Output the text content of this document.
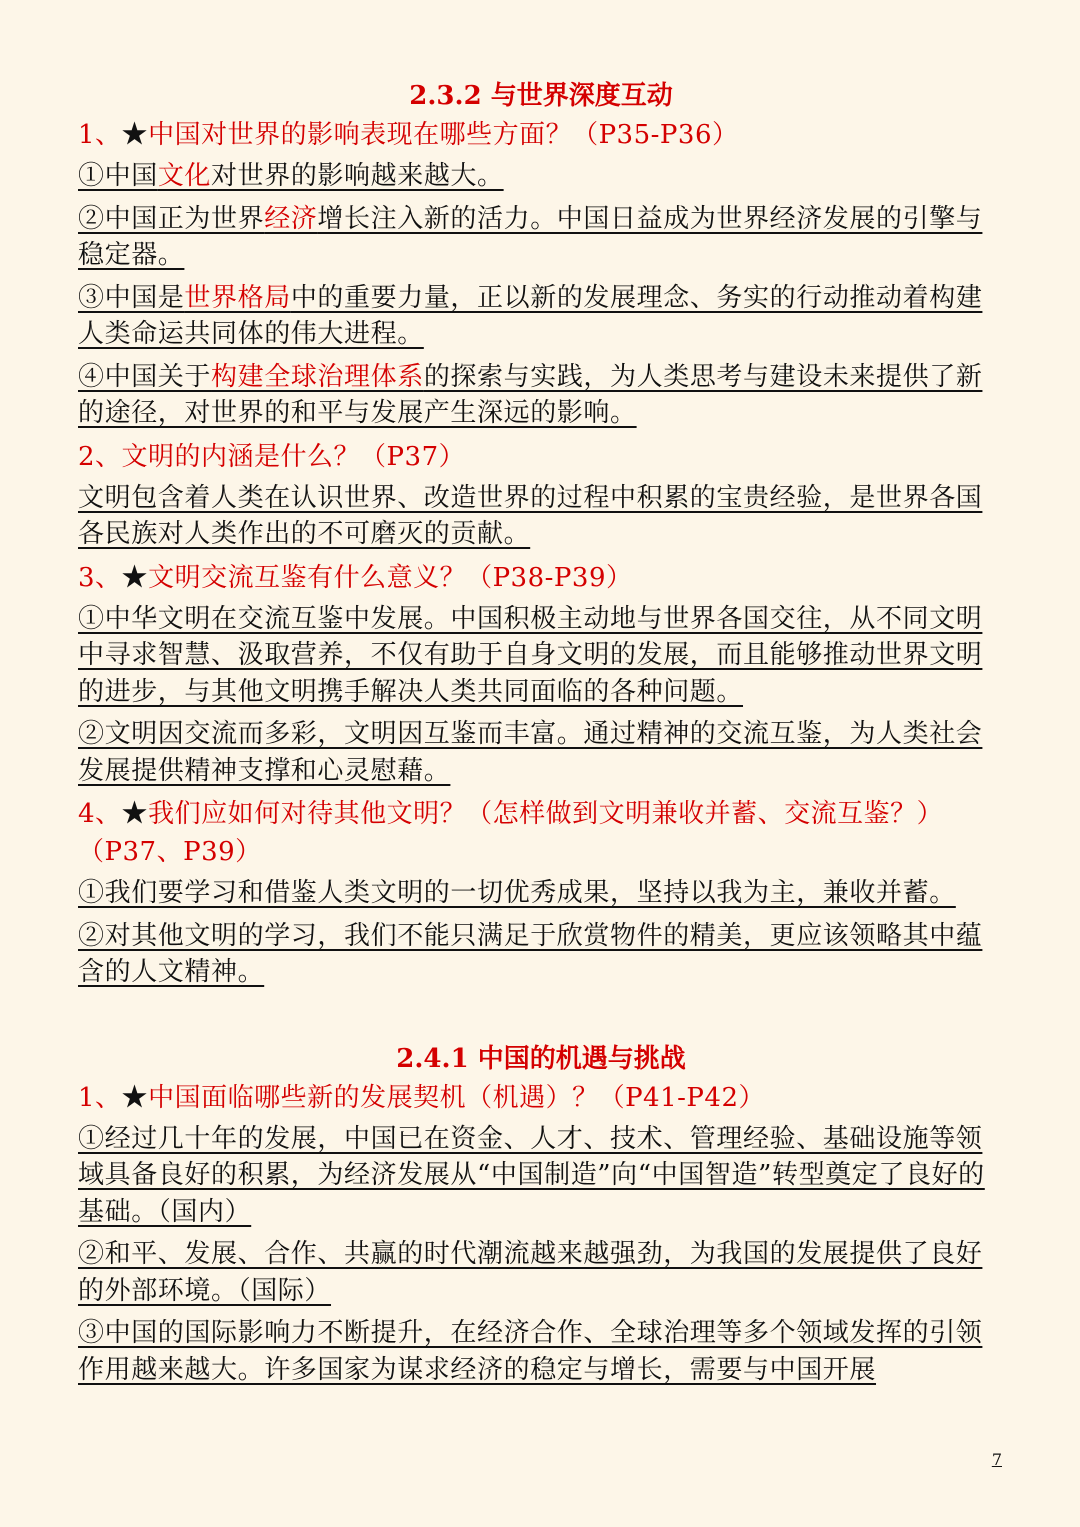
2.3.2 与世界深度互动

1、★中国对世界的影响表现在哪些方面？（P35-P36）

①中国文化对世界的影响越来越大。

②中国正为世界经济增长注入新的活力。中国日益成为世界经济发展的引擎与稳定器。

③中国是世界格局中的重要力量，正以新的发展理念、务实的行动推动着构建人类命运共同体的伟大进程。

④中国关于构建全球治理体系的探索与实践，为人类思考与建设未来提供了新的途径，对世界的和平与发展产生深远的影响。

2、文明的内涵是什么？（P37）

文明包含着人类在认识世界、改造世界的过程中积累的宝贵经验，是世界各国各民族对人类作出的不可磨灭的贡献。

3、★文明交流互鉴有什么意义？（P38-P39）

①中华文明在交流互鉴中发展。中国积极主动地与世界各国交往，从不同文明中寻求智慧、汲取营养，不仅有助于自身文明的发展，而且能够推动世界文明的进步，与其他文明携手解决人类共同面临的各种问题。

②文明因交流而多彩，文明因互鉴而丰富。通过精神的交流互鉴，为人类社会发展提供精神支撑和心灵慰藉。

4、★我们应如何对待其他文明？（怎样做到文明兼收并蓄、交流互鉴？）（P37、P39）

①我们要学习和借鉴人类文明的一切优秀成果，坚持以我为主，兼收并蓄。

②对其他文明的学习，我们不能只满足于欣赏物件的精美，更应该领略其中蕴含的人文精神。

2.4.1 中国的机遇与挑战

1、★中国面临哪些新的发展契机（机遇）？（P41-P42）

①经过几十年的发展，中国已在资金、人才、技术、管理经验、基础设施等领域具备良好的积累，为经济发展从“中国制造”向“中国智造”转型奠定了良好的基础。（国内）

②和平、发展、合作、共赢的时代潮流越来越强劲，为我国的发展提供了良好的外部环境。（国际）

③中国的国际影响力不断提升，在经济合作、全球治理等多个领域发挥的引领作用越来越大。许多国家为谋求经济的稳定与增长，需要与中国开展

7
